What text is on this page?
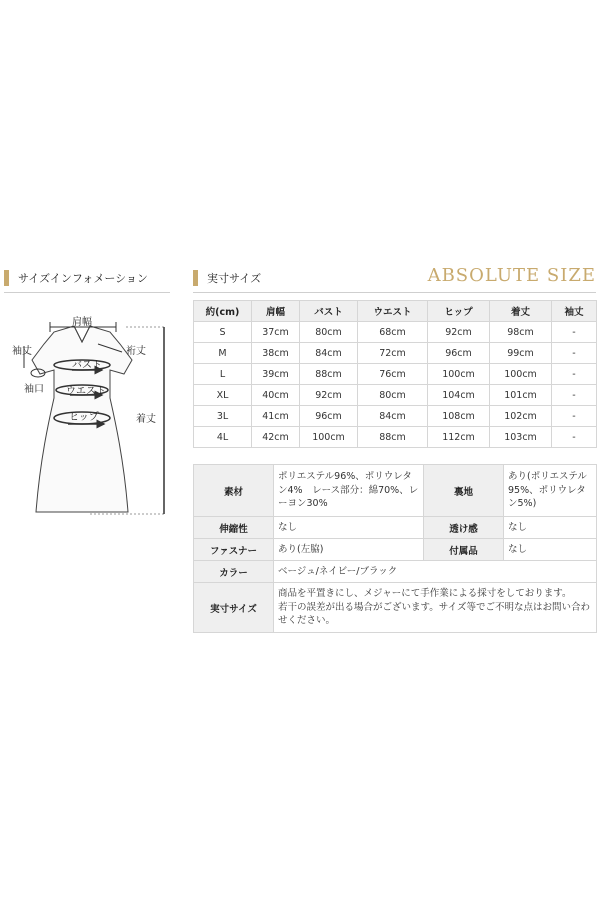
サイズインフォメーション	実寸サイズ	ABSOLUTE SIZE
肩幅
袖丈	裄丈
袖口
バスト
ウエスト
ヒップ	着丈
約(cm)	肩幅	バスト	ウエスト	ヒップ	着丈	袖丈
S	37cm	80cm	68cm	92cm	98cm	-
M	38cm	84cm	72cm	96cm	99cm	-
L	39cm	88cm	76cm	100cm	100cm	-
XL	40cm	92cm	80cm	104cm	101cm	-
3L	41cm	96cm	84cm	108cm	102cm	-
4L	42cm	100cm	88cm	112cm	103cm	-
素材	ポリエステル96%、ポリウレタン4%　レース部分：綿70%、レーヨン30%	裏地	あり(ポリエステル95%、ポリウレタン5%)
伸縮性	なし	透け感	なし
ファスナー	あり(左脇)	付属品	なし
カラー	ベージュ/ネイビー/ブラック		
実寸サイズ	商品を平置きにし、メジャーにて手作業による採寸をしております。
若干の誤差が出る場合がございます。サイズ等でご不明な点はお問い合わせください。		
